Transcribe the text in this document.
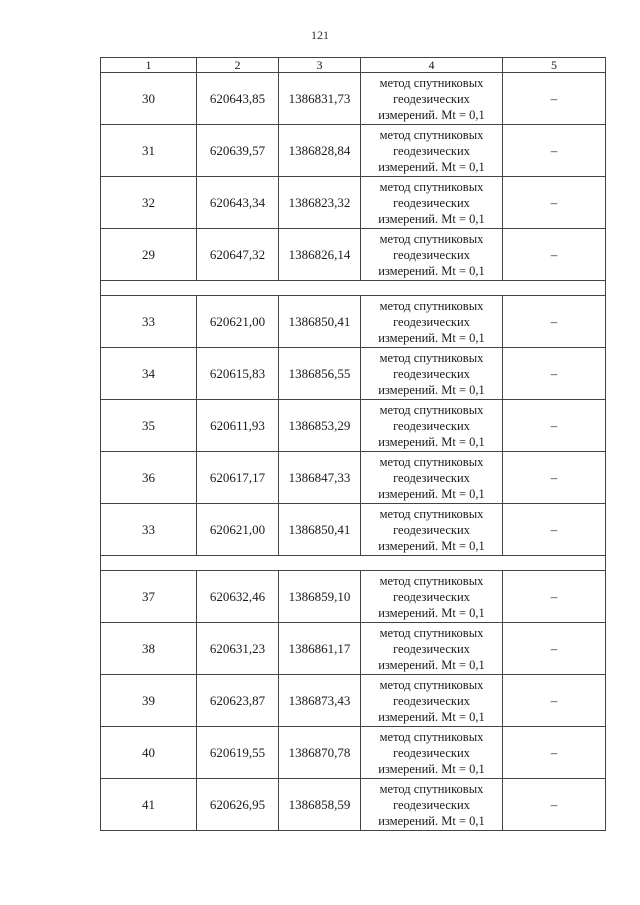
121
1	2	3	4	5
30	620643,85	1386831,73	метод спутниковых
геодезических
измерений. Mt = 0,1	–
31	620639,57	1386828,84	метод спутниковых
геодезических
измерений. Mt = 0,1	–
32	620643,34	1386823,32	метод спутниковых
геодезических
измерений. Mt = 0,1	–
29	620647,32	1386826,14	метод спутниковых
геодезических
измерений. Mt = 0,1	–

33	620621,00	1386850,41	метод спутниковых
геодезических
измерений. Mt = 0,1	–
34	620615,83	1386856,55	метод спутниковых
геодезических
измерений. Mt = 0,1	–
35	620611,93	1386853,29	метод спутниковых
геодезических
измерений. Mt = 0,1	–
36	620617,17	1386847,33	метод спутниковых
геодезических
измерений. Mt = 0,1	–
33	620621,00	1386850,41	метод спутниковых
геодезических
измерений. Mt = 0,1	–

37	620632,46	1386859,10	метод спутниковых
геодезических
измерений. Mt = 0,1	–
38	620631,23	1386861,17	метод спутниковых
геодезических
измерений. Mt = 0,1	–
39	620623,87	1386873,43	метод спутниковых
геодезических
измерений. Mt = 0,1	–
40	620619,55	1386870,78	метод спутниковых
геодезических
измерений. Mt = 0,1	–
41	620626,95	1386858,59	метод спутниковых
геодезических
измерений. Mt = 0,1	–
